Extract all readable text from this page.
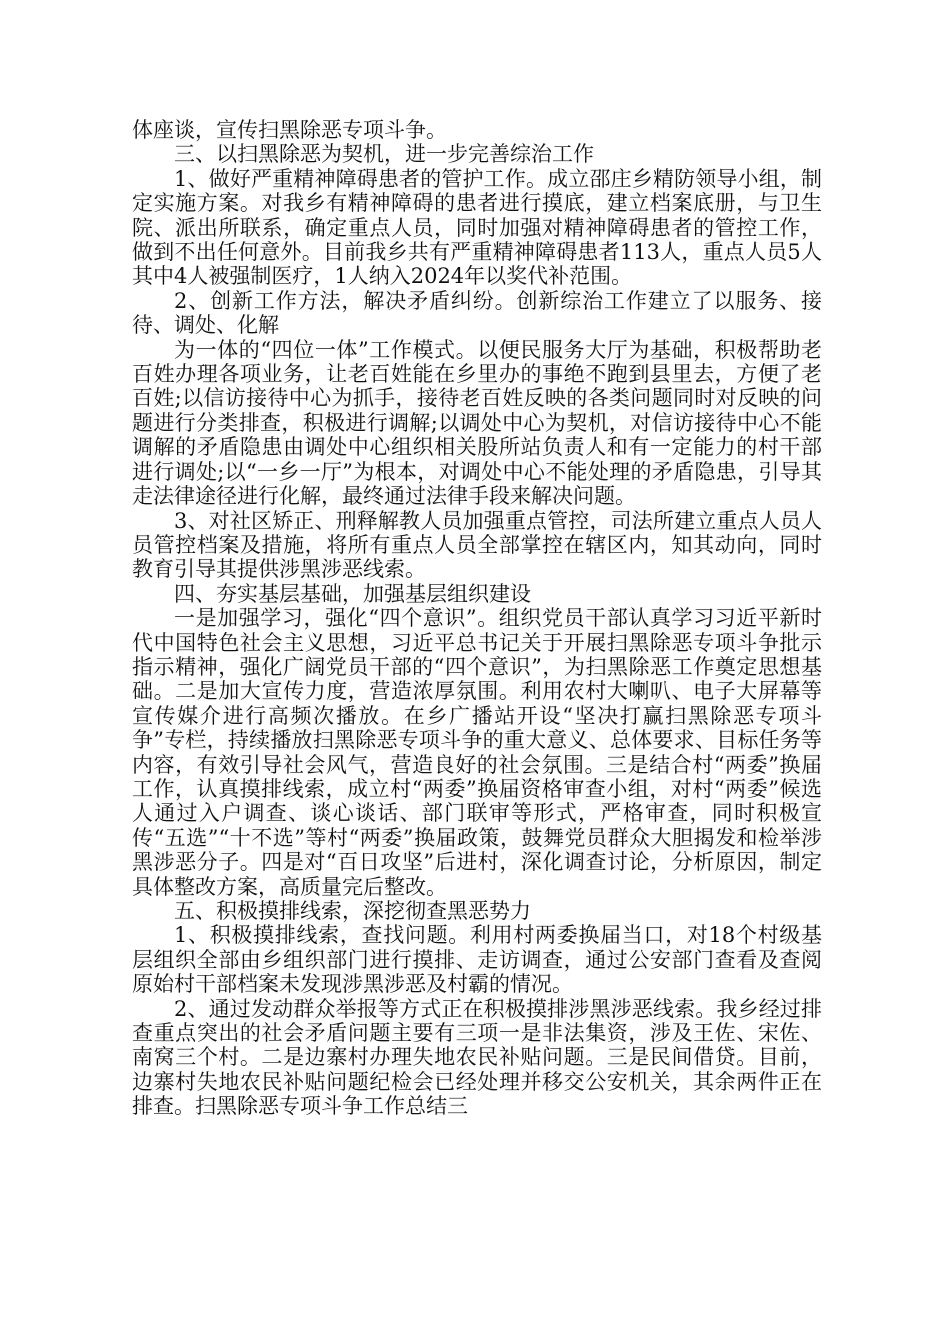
体座谈，宣传扫黑除恶专项斗争。

三、以扫黑除恶为契机，进一步完善综治工作

1、做好严重精神障碍患者的管护工作。成立邵庄乡精防领导小组，制定实施方案。对我乡有精神障碍的患者进行摸底，建立档案底册，与卫生院、派出所联系，确定重点人员，同时加强对精神障碍患者的管控工作，做到不出任何意外。目前我乡共有严重精神障碍患者113人，重点人员5人其中4人被强制医疗，1人纳入2024年以奖代补范围。

2、创新工作方法，解决矛盾纠纷。创新综治工作建立了以服务、接待、调处、化解

为一体的“四位一体”工作模式。以便民服务大厅为基础，积极帮助老百姓办理各项业务，让老百姓能在乡里办的事绝不跑到县里去，方便了老百姓;以信访接待中心为抓手，接待老百姓反映的各类问题同时对反映的问题进行分类排查，积极进行调解;以调处中心为契机，对信访接待中心不能调解的矛盾隐患由调处中心组织相关股所站负责人和有一定能力的村干部进行调处;以“一乡一厅”为根本，对调处中心不能处理的矛盾隐患，引导其走法律途径进行化解，最终通过法律手段来解决问题。

3、对社区矫正、刑释解教人员加强重点管控，司法所建立重点人员人员管控档案及措施，将所有重点人员全部掌控在辖区内，知其动向，同时教育引导其提供涉黑涉恶线索。

四、夯实基层基础，加强基层组织建设

一是加强学习，强化“四个意识”。组织党员干部认真学习习近平新时代中国特色社会主义思想，习近平总书记关于开展扫黑除恶专项斗争批示指示精神，强化广阔党员干部的“四个意识”，为扫黑除恶工作奠定思想基础。二是加大宣传力度，营造浓厚氛围。利用农村大喇叭、电子大屏幕等宣传媒介进行高频次播放。在乡广播站开设“坚决打赢扫黑除恶专项斗争”专栏，持续播放扫黑除恶专项斗争的重大意义、总体要求、目标任务等内容，有效引导社会风气，营造良好的社会氛围。三是结合村“两委”换届工作，认真摸排线索，成立村“两委”换届资格审查小组，对村“两委”候选人通过入户调查、谈心谈话、部门联审等形式，严格审查，同时积极宣传“五选”“十不选”等村“两委”换届政策，鼓舞党员群众大胆揭发和检举涉黑涉恶分子。四是对“百日攻坚”后进村，深化调查讨论，分析原因，制定具体整改方案，高质量完后整改。

五、积极摸排线索，深挖彻查黑恶势力

1、积极摸排线索，查找问题。利用村两委换届当口，对18个村级基层组织全部由乡组织部门进行摸排、走访调查，通过公安部门查看及查阅原始村干部档案未发现涉黑涉恶及村霸的情况。

2、通过发动群众举报等方式正在积极摸排涉黑涉恶线索。我乡经过排查重点突出的社会矛盾问题主要有三项一是非法集资，涉及王佐、宋佐、南窝三个村。二是边寨村办理失地农民补贴问题。三是民间借贷。目前，边寨村失地农民补贴问题纪检会已经处理并移交公安机关，其余两件正在排查。扫黑除恶专项斗争工作总结三
